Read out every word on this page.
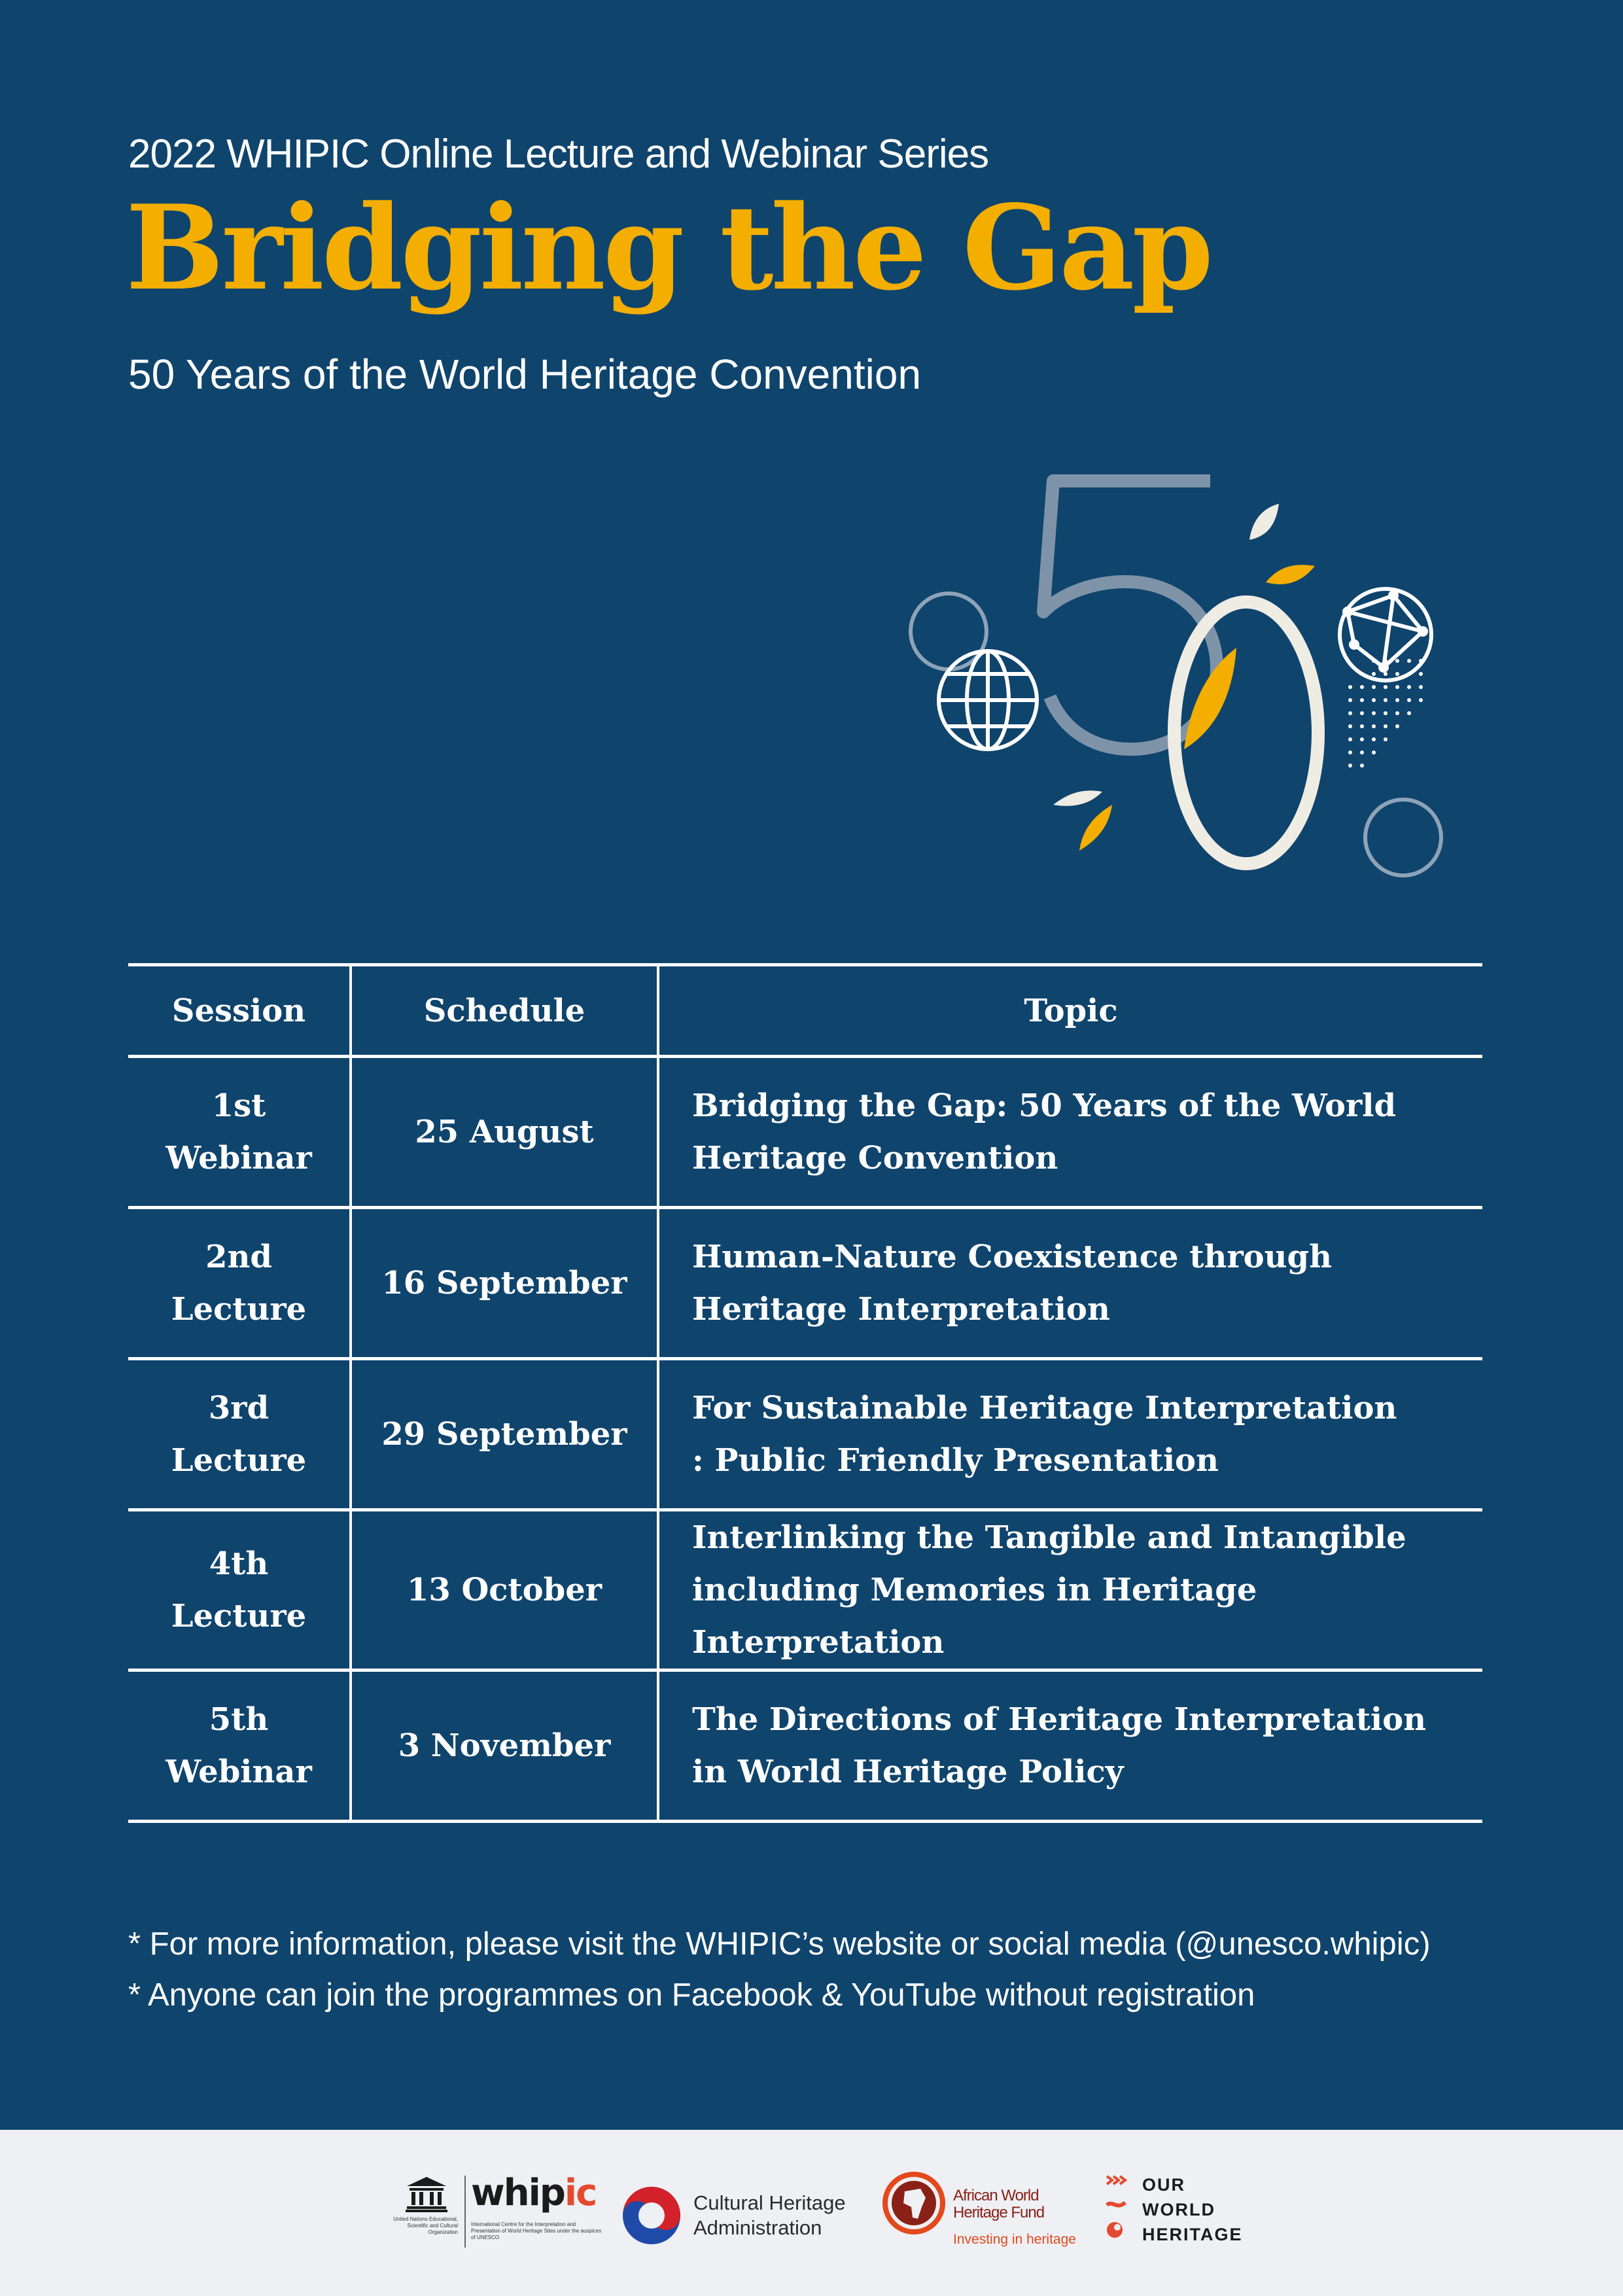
2022 WHIPIC Online Lecture and Webinar Series
Bridging the Gap
50 Years of the World Heritage Convention
Session	Schedule	Topic

1st
Webinar	25 August	Bridging the Gap: 50 Years of the World
Heritage Convention

2nd
Lecture	16 September	Human-Nature Coexistence through
Heritage Interpretation

3rd
Lecture	29 September	For Sustainable Heritage Interpretation
: Public Friendly Presentation

4th
Lecture	13 October	Interlinking the Tangible and Intangible
including Memories in Heritage Interpretation

5th
Webinar	3 November	The Directions of Heritage Interpretation
in World Heritage Policy
* For more information, please visit the WHIPIC’s website or social media (@unesco.whipic)
* Anyone can join the programmes on Facebook & YouTube without registration
United Nations Educational, Scientific and Cultural Organization
whipic
International Centre for the Interpretation and Presentation of World Heritage Sites under the auspices of UNESCO
Cultural Heritage
Administration
African World
Heritage Fund
Investing in heritage
OUR
WORLD
HERITAGE
